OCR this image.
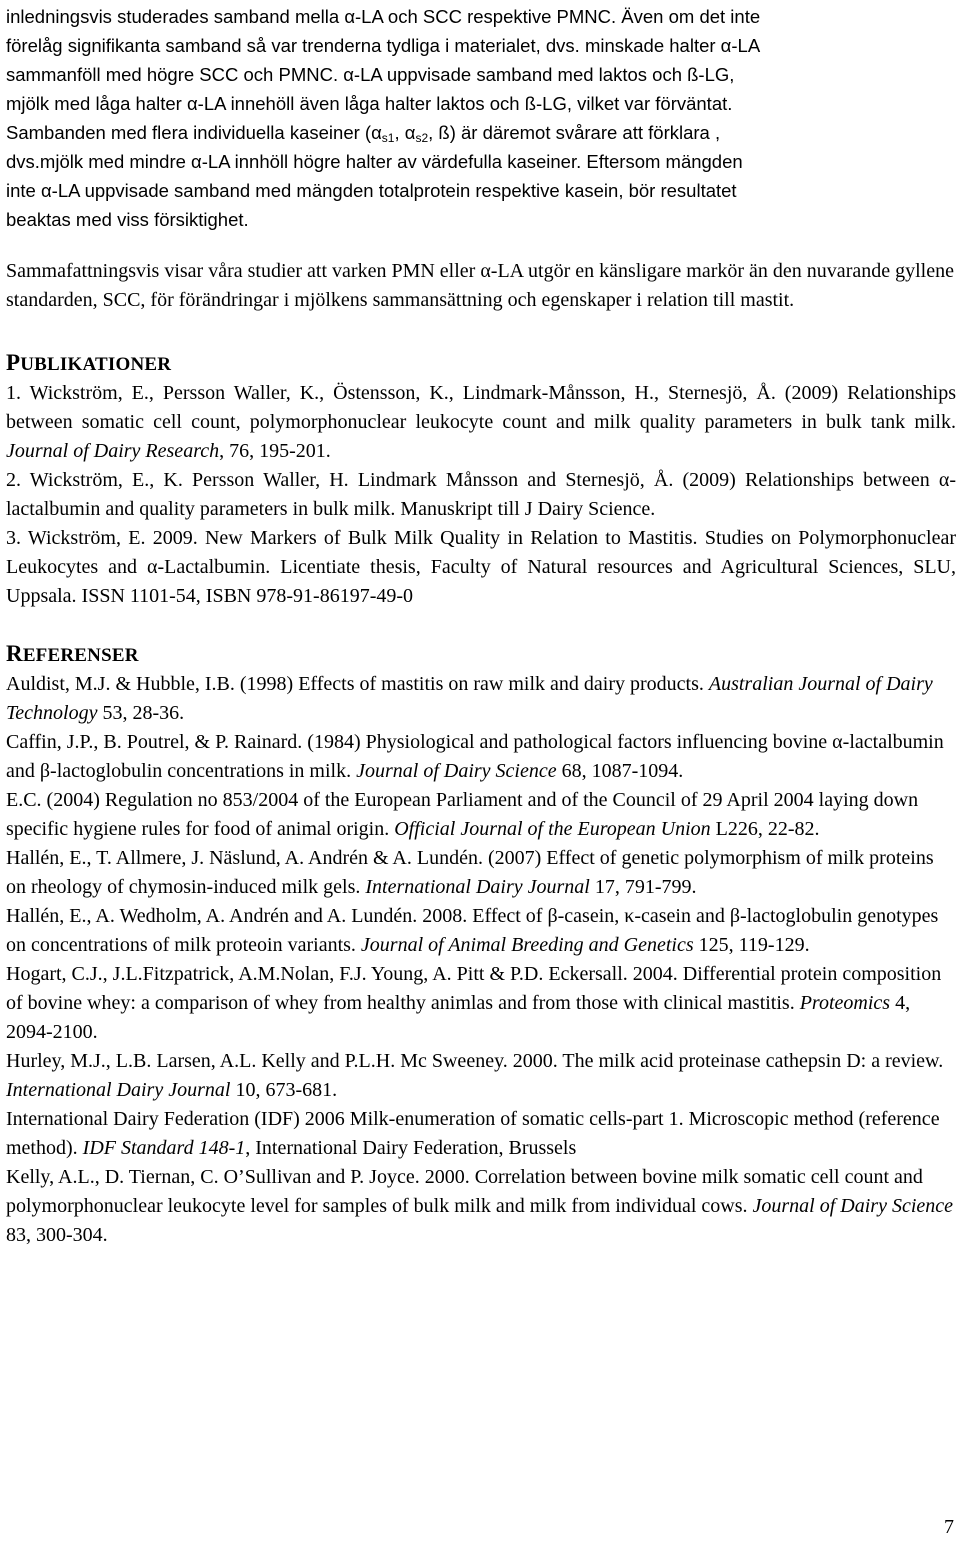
inledningsvis studerades samband mella α-LA och SCC respektive PMNC. Även om det inte
förelåg signifikanta samband så var trenderna tydliga i materialet, dvs. minskade halter α-LA
sammanföll med högre SCC och PMNC. α-LA uppvisade samband med laktos och ß-LG,
mjölk med låga halter α-LA innehöll även låga halter laktos och ß-LG, vilket var förväntat.
Sambanden med flera individuella kaseiner ($\alpha_{s1}$, $\alpha_{s2}$, ß) är däremot svårare att förklara ,
dvs.mjölk med mindre α-LA innhöll högre halter av värdefulla kaseiner. Eftersom mängden
inte α-LA uppvisade samband med mängden totalprotein respektive kasein, bör resultatet
beaktas med viss försiktighet.

Sammafattningsvis visar våra studier att varken PMN eller α-LA utgör en känsligare markör än den nuvarande gyllene standarden, SCC, för förändringar i mjölkens sammansättning och egenskaper i relation till mastit.

PUBLIKATIONER

1. Wickström, E., Persson Waller, K., Östensson, K., Lindmark-Månsson, H., Sternesjö, Å. (2009) Relationships between somatic cell count, polymorphonuclear leukocyte count and milk quality parameters in bulk tank milk. Journal of Dairy Research, 76, 195-201.

2. Wickström, E., K. Persson Waller, H. Lindmark Månsson and Sternesjö, Å. (2009) Relationships between α-lactalbumin and quality parameters in bulk milk. Manuskript till J Dairy Science.

3. Wickström, E. 2009. New Markers of Bulk Milk Quality in Relation to Mastitis. Studies on Polymorphonuclear Leukocytes and α-Lactalbumin. Licentiate thesis, Faculty of Natural resources and Agricultural Sciences, SLU, Uppsala. ISSN 1101-54, ISBN 978-91-86197-49-0

REFERENSER

Auldist, M.J. & Hubble, I.B. (1998) Effects of mastitis on raw milk and dairy products. Australian Journal of Dairy Technology 53, 28-36.

Caffin, J.P., B. Poutrel, & P. Rainard. (1984) Physiological and pathological factors influencing bovine α-lactalbumin and β-lactoglobulin concentrations in milk. Journal of Dairy Science 68, 1087-1094.

E.C. (2004) Regulation no 853/2004 of the European Parliament and of the Council of 29 April 2004 laying down specific hygiene rules for food of animal origin. Official Journal of the European Union L226, 22-82.

Hallén, E., T. Allmere, J. Näslund, A. Andrén & A. Lundén. (2007) Effect of genetic polymorphism of milk proteins on rheology of chymosin-induced milk gels. International Dairy Journal 17, 791-799.

Hallén, E., A. Wedholm, A. Andrén and A. Lundén. 2008. Effect of β-casein, κ-casein and β-lactoglobulin genotypes on concentrations of milk proteoin variants. Journal of Animal Breeding and Genetics 125, 119-129.

Hogart, C.J., J.L.Fitzpatrick, A.M.Nolan, F.J. Young, A. Pitt & P.D. Eckersall. 2004. Differential protein composition of bovine whey: a comparison of whey from healthy animlas and from those with clinical mastitis. Proteomics 4, 2094-2100.

Hurley, M.J., L.B. Larsen, A.L. Kelly and P.L.H. Mc Sweeney. 2000. The milk acid proteinase cathepsin D: a review. International Dairy Journal 10, 673-681.

International Dairy Federation (IDF) 2006 Milk-enumeration of somatic cells-part 1. Microscopic method (reference method). IDF Standard 148-1, International Dairy Federation, Brussels

Kelly, A.L., D. Tiernan, C. O’Sullivan and P. Joyce. 2000. Correlation between bovine milk somatic cell count and polymorphonuclear leukocyte level for samples of bulk milk and milk from individual cows. Journal of Dairy Science 83, 300-304.

7
